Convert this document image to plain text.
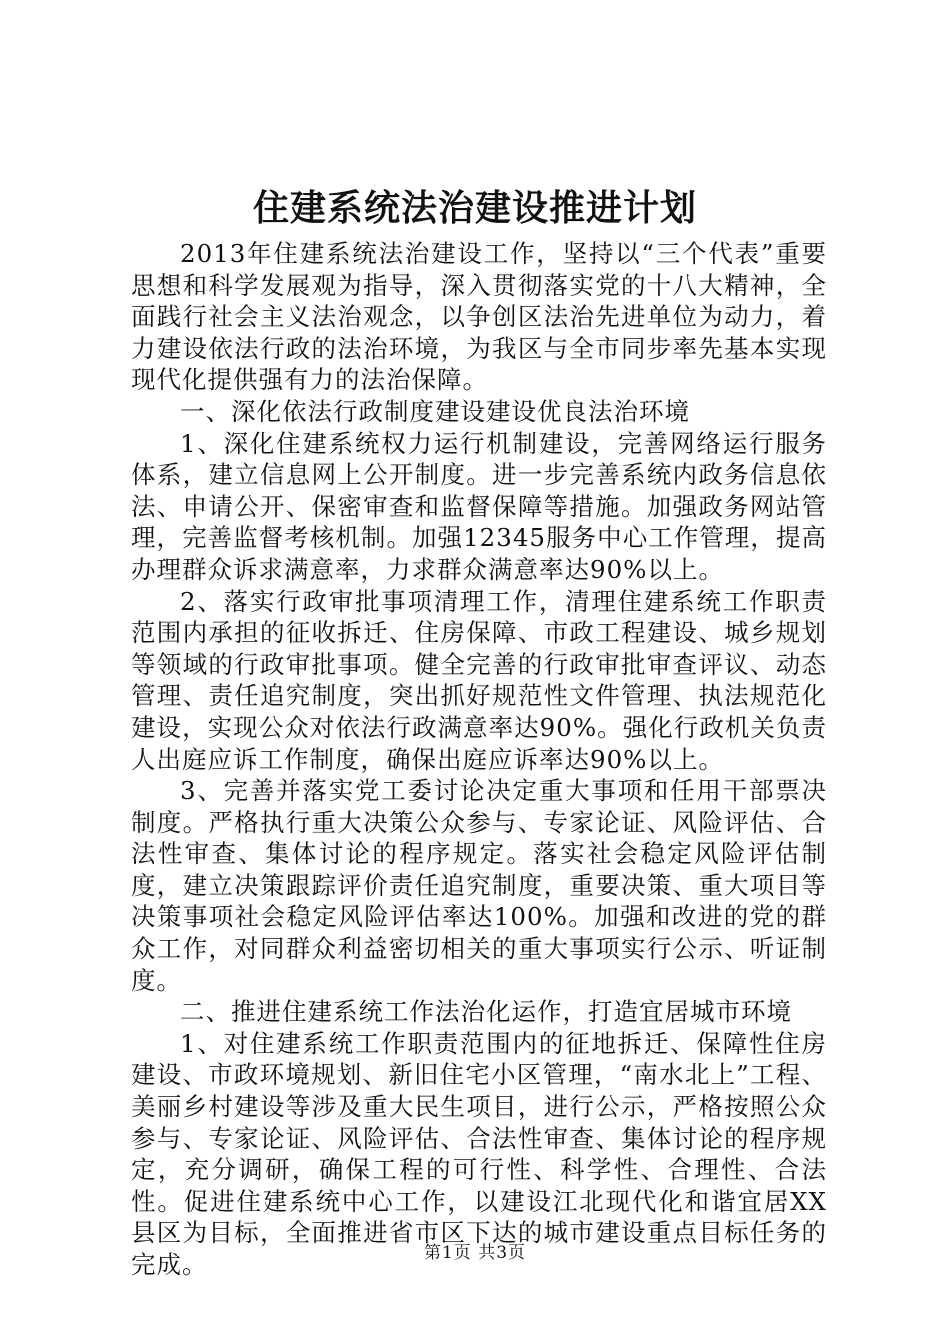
住建系统法治建设推进计划

2013年住建系统法治建设工作，坚持以“三个代表”重要思想和科学发展观为指导，深入贯彻落实党的十八大精神，全面践行社会主义法治观念，以争创区法治先进单位为动力，着力建设依法行政的法治环境，为我区与全市同步率先基本实现现代化提供强有力的法治保障。

一、深化依法行政制度建设建设优良法治环境

1、深化住建系统权力运行机制建设，完善网络运行服务体系，建立信息网上公开制度。进一步完善系统内政务信息依法、申请公开、保密审查和监督保障等措施。加强政务网站管理，完善监督考核机制。加强12345服务中心工作管理，提高办理群众诉求满意率，力求群众满意率达90%以上。

2、落实行政审批事项清理工作，清理住建系统工作职责范围内承担的征收拆迁、住房保障、市政工程建设、城乡规划等领域的行政审批事项。健全完善的行政审批审查评议、动态管理、责任追究制度，突出抓好规范性文件管理、执法规范化建设，实现公众对依法行政满意率达90%。强化行政机关负责人出庭应诉工作制度，确保出庭应诉率达90%以上。

3、完善并落实党工委讨论决定重大事项和任用干部票决制度。严格执行重大决策公众参与、专家论证、风险评估、合法性审查、集体讨论的程序规定。落实社会稳定风险评估制度，建立决策跟踪评价责任追究制度，重要决策、重大项目等决策事项社会稳定风险评估率达100%。加强和改进的党的群众工作，对同群众利益密切相关的重大事项实行公示、听证制度。

二、推进住建系统工作法治化运作，打造宜居城市环境

1、对住建系统工作职责范围内的征地拆迁、保障性住房建设、市政环境规划、新旧住宅小区管理，“南水北上”工程、美丽乡村建设等涉及重大民生项目，进行公示，严格按照公众参与、专家论证、风险评估、合法性审查、集体讨论的程序规定，充分调研，确保工程的可行性、科学性、合理性、合法性。促进住建系统中心工作，以建设江北现代化和谐宜居XX县区为目标，全面推进省市区下达的城市建设重点目标任务的完成。	第1页 共3页
